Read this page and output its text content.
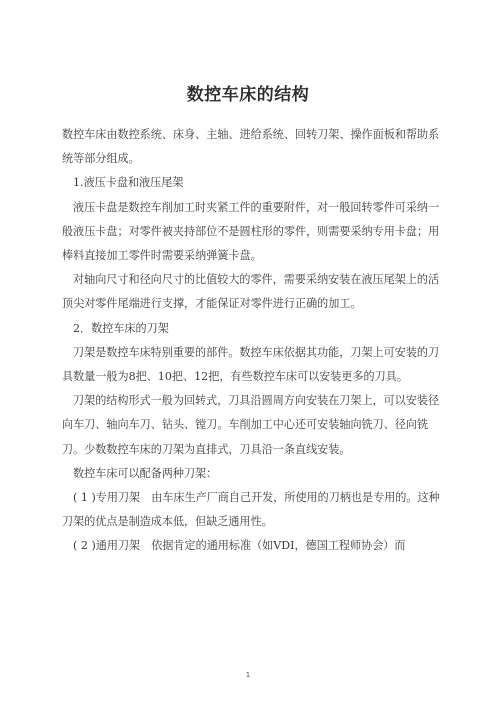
数控车床的结构

数控车床由数控系统、床身、主轴、进给系统、回转刀架、操作面板和帮助系统等部分组成。

1.液压卡盘和液压尾架

液压卡盘是数控车削加工时夹紧工件的重要附件，对一般回转零件可采纳一般液压卡盘；对零件被夹持部位不是圆柱形的零件，则需要采纳专用卡盘；用棒料直接加工零件时需要采纳弹簧卡盘。

对轴向尺寸和径向尺寸的比值较大的零件，需要采纳安装在液压尾架上的活顶尖对零件尾端进行支撑，才能保证对零件进行正确的加工。

2．数控车床的刀架

刀架是数控车床特别重要的部件。数控车床依据其功能，刀架上可安装的刀具数量一般为8把、10把、12把，有些数控车床可以安装更多的刀具。

刀架的结构形式一般为回转式，刀具沿圆周方向安装在刀架上，可以安装径向车刀、轴向车刀、钻头、镗刀。车削加工中心还可安装轴向铣刀、径向铣刀。少数数控车床的刀架为直排式，刀具沿一条直线安装。

数控车床可以配备两种刀架：

( 1 )专用刀架　由车床生产厂商自己开发，所使用的刀柄也是专用的。这种刀架的优点是制造成本低，但缺乏通用性。

( 2 )通用刀架　依据肯定的通用标准（如VDI，德国工程师协会）而

1
